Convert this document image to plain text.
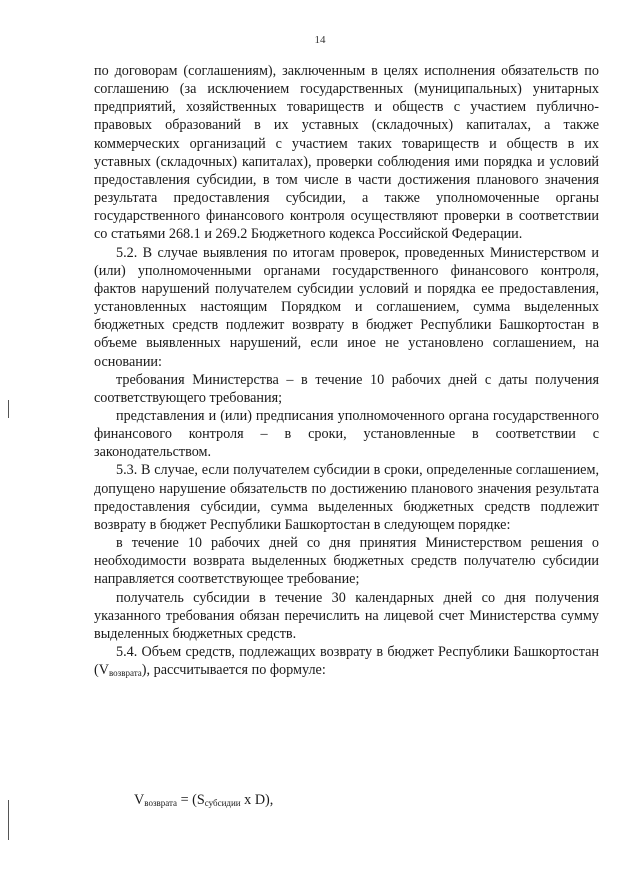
14

по договорам (соглашениям), заключенным в целях исполнения обязательств по соглашению (за исключением государственных (муниципальных) унитарных предприятий, хозяйственных товариществ и обществ с участием публично-правовых образований в их уставных (складочных) капиталах, а также коммерческих организаций с участием таких товариществ и обществ в их уставных (складочных) капиталах), проверки соблюдения ими порядка и условий предоставления субсидии, в том числе в части достижения планового значения результата предоставления субсидии, а также уполномоченные органы государственного финансового контроля осуществляют проверки в соответствии со статьями 268.1 и 269.2 Бюджетного кодекса Российской Федерации.

5.2. В случае выявления по итогам проверок, проведенных Министерством и (или) уполномоченными органами государственного финансового контроля, фактов нарушений получателем субсидии условий и порядка ее предоставления, установленных настоящим Порядком и соглашением, сумма выделенных бюджетных средств подлежит возврату в бюджет Республики Башкортостан в объеме выявленных нарушений, если иное не установлено соглашением, на основании:

требования Министерства – в течение 10 рабочих дней с даты получения соответствующего требования;

представления и (или) предписания уполномоченного органа государственного финансового контроля – в сроки, установленные в соответствии с законодательством.

5.3. В случае, если получателем субсидии в сроки, определенные соглашением, допущено нарушение обязательств по достижению планового значения результата предоставления субсидии, сумма выделенных бюджетных средств подлежит возврату в бюджет Республики Башкортостан в следующем порядке:

в течение 10 рабочих дней со дня принятия Министерством решения о необходимости возврата выделенных бюджетных средств получателю субсидии направляется соответствующее требование;

получатель субсидии в течение 30 календарных дней со дня получения указанного требования обязан перечислить на лицевой счет Министерства сумму выделенных бюджетных средств.

5.4. Объем средств, подлежащих возврату в бюджет Республики Башкортостан $(V_{возврата})$, рассчитывается по формуле:

$V_{возврата} = (S_{субсидии}$ x D),
